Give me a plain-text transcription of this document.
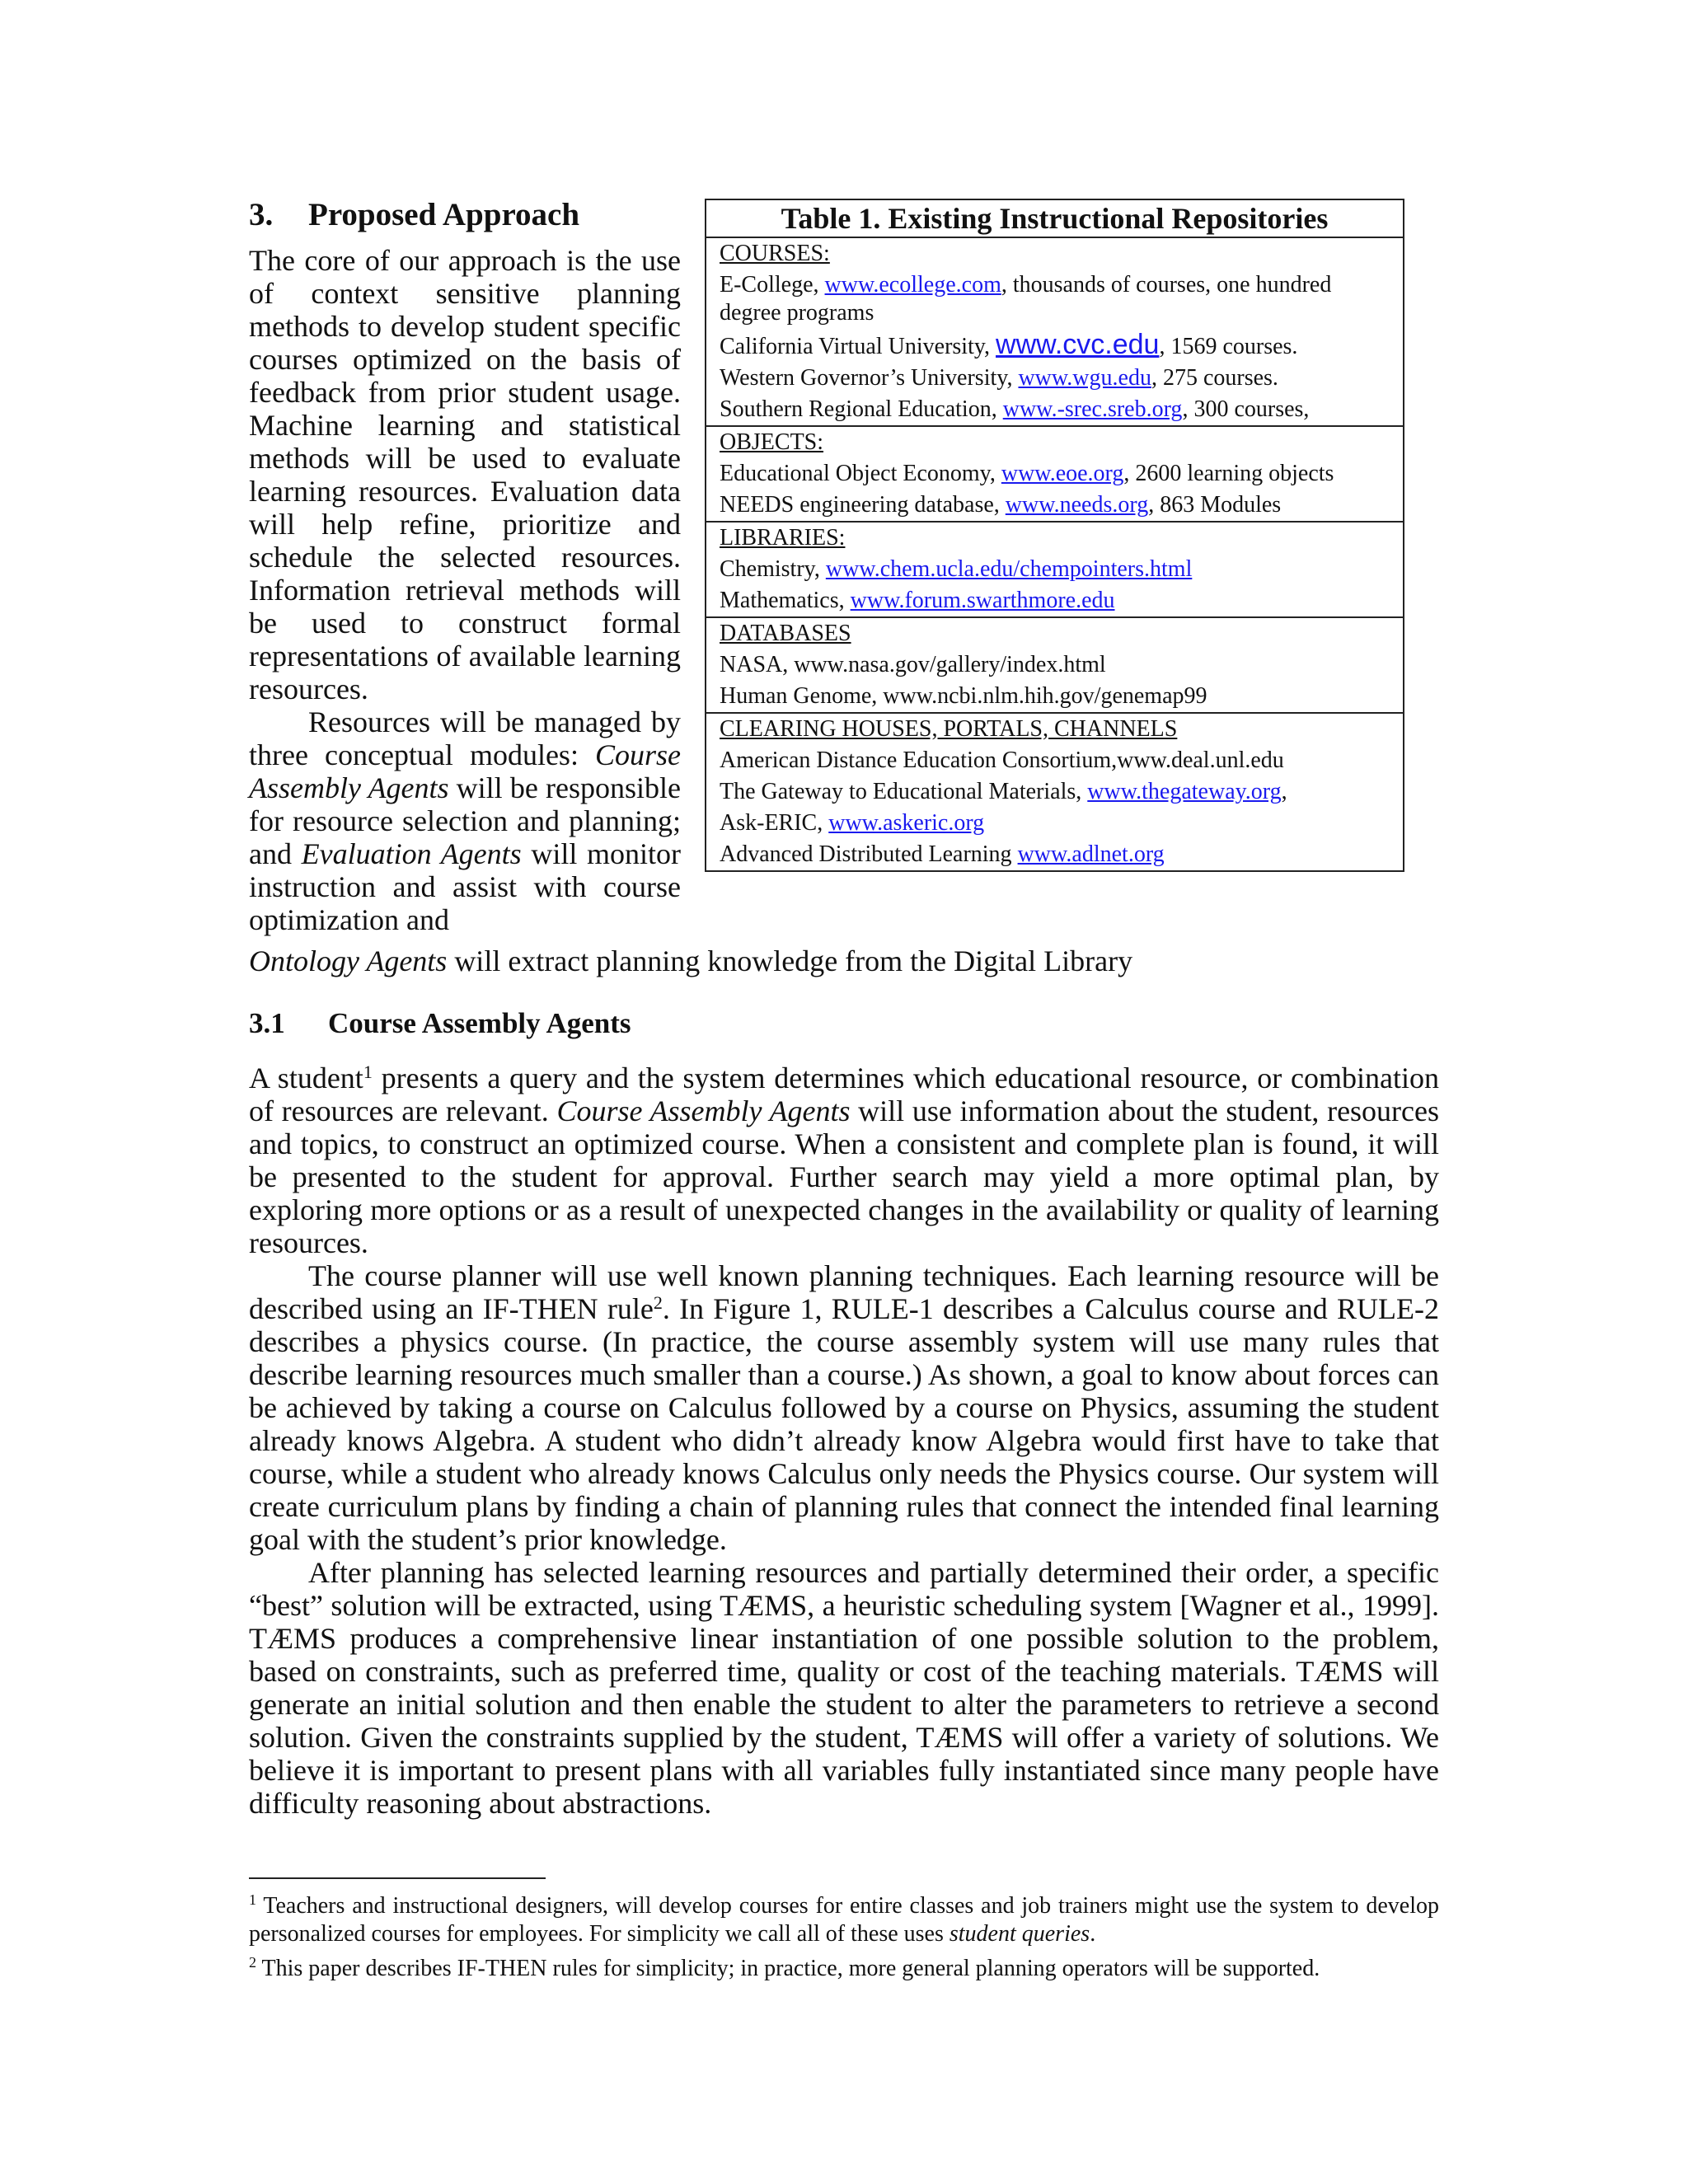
3. Proposed Approach

The core of our approach is the use of context sensitive planning methods to develop student specific courses optimized on the basis of feedback from prior student usage. Machine learning and statistical methods will be used to evaluate learning resources. Evaluation data will help refine, prioritize and schedule the selected resources. Information retrieval methods will be used to construct formal representations of available learning resources.

Resources will be managed by three conceptual modules: Course Assembly Agents will be responsible for resource selection and planning; and Evaluation Agents will monitor instruction and assist with course optimization and

Ontology Agents will extract planning knowledge from the Digital Library

Table 1. Existing Instructional Repositories
COURSES:
E-College, www.ecollege.com, thousands of courses, one hundred degree programs
California Virtual University, www.cvc.edu, 1569 courses.
Western Governor’s University, www.wgu.edu, 275 courses.
Southern Regional Education, www.-srec.sreb.org, 300 courses,
OBJECTS:
Educational Object Economy, www.eoe.org, 2600 learning objects
NEEDS engineering database, www.needs.org, 863 Modules
LIBRARIES:
Chemistry, www.chem.ucla.edu/chempointers.html
Mathematics, www.forum.swarthmore.edu
DATABASES
NASA, www.nasa.gov/gallery/index.html
Human Genome, www.ncbi.nlm.hih.gov/genemap99
CLEARING HOUSES, PORTALS, CHANNELS
American Distance Education Consortium,www.deal.unl.edu
The Gateway to Educational Materials, www.thegateway.org,
Ask-ERIC, www.askeric.org
Advanced Distributed Learning www.adlnet.org
3.1 Course Assembly Agents

A student$^1$ presents a query and the system determines which educational resource, or combination of resources are relevant. Course Assembly Agents will use information about the student, resources and topics, to construct an optimized course. When a consistent and complete plan is found, it will be presented to the student for approval. Further search may yield a more optimal plan, by exploring more options or as a result of unexpected changes in the availability or quality of learning resources.

The course planner will use well known planning techniques. Each learning resource will be described using an IF-THEN rule$^2$. In Figure 1, RULE-1 describes a Calculus course and RULE-2 describes a physics course. (In practice, the course assembly system will use many rules that describe learning resources much smaller than a course.) As shown, a goal to know about forces can be achieved by taking a course on Calculus followed by a course on Physics, assuming the student already knows Algebra. A student who didn’t already know Algebra would first have to take that course, while a student who already knows Calculus only needs the Physics course. Our system will create curriculum plans by finding a chain of planning rules that connect the intended final learning goal with the student’s prior knowledge.

After planning has selected learning resources and partially determined their order, a specific “best” solution will be extracted, using TÆMS, a heuristic scheduling system [Wagner et al., 1999]. TÆMS produces a comprehensive linear instantiation of one possible solution to the problem, based on constraints, such as preferred time, quality or cost of the teaching materials. TÆMS will generate an initial solution and then enable the student to alter the parameters to retrieve a second solution. Given the constraints supplied by the student, TÆMS will offer a variety of solutions. We believe it is important to present plans with all variables fully instantiated since many people have difficulty reasoning about abstractions.

$^1$ Teachers and instructional designers, will develop courses for entire classes and job trainers might use the system to develop personalized courses for employees. For simplicity we call all of these uses student queries.

$^2$ This paper describes IF-THEN rules for simplicity; in practice, more general planning operators will be supported.
